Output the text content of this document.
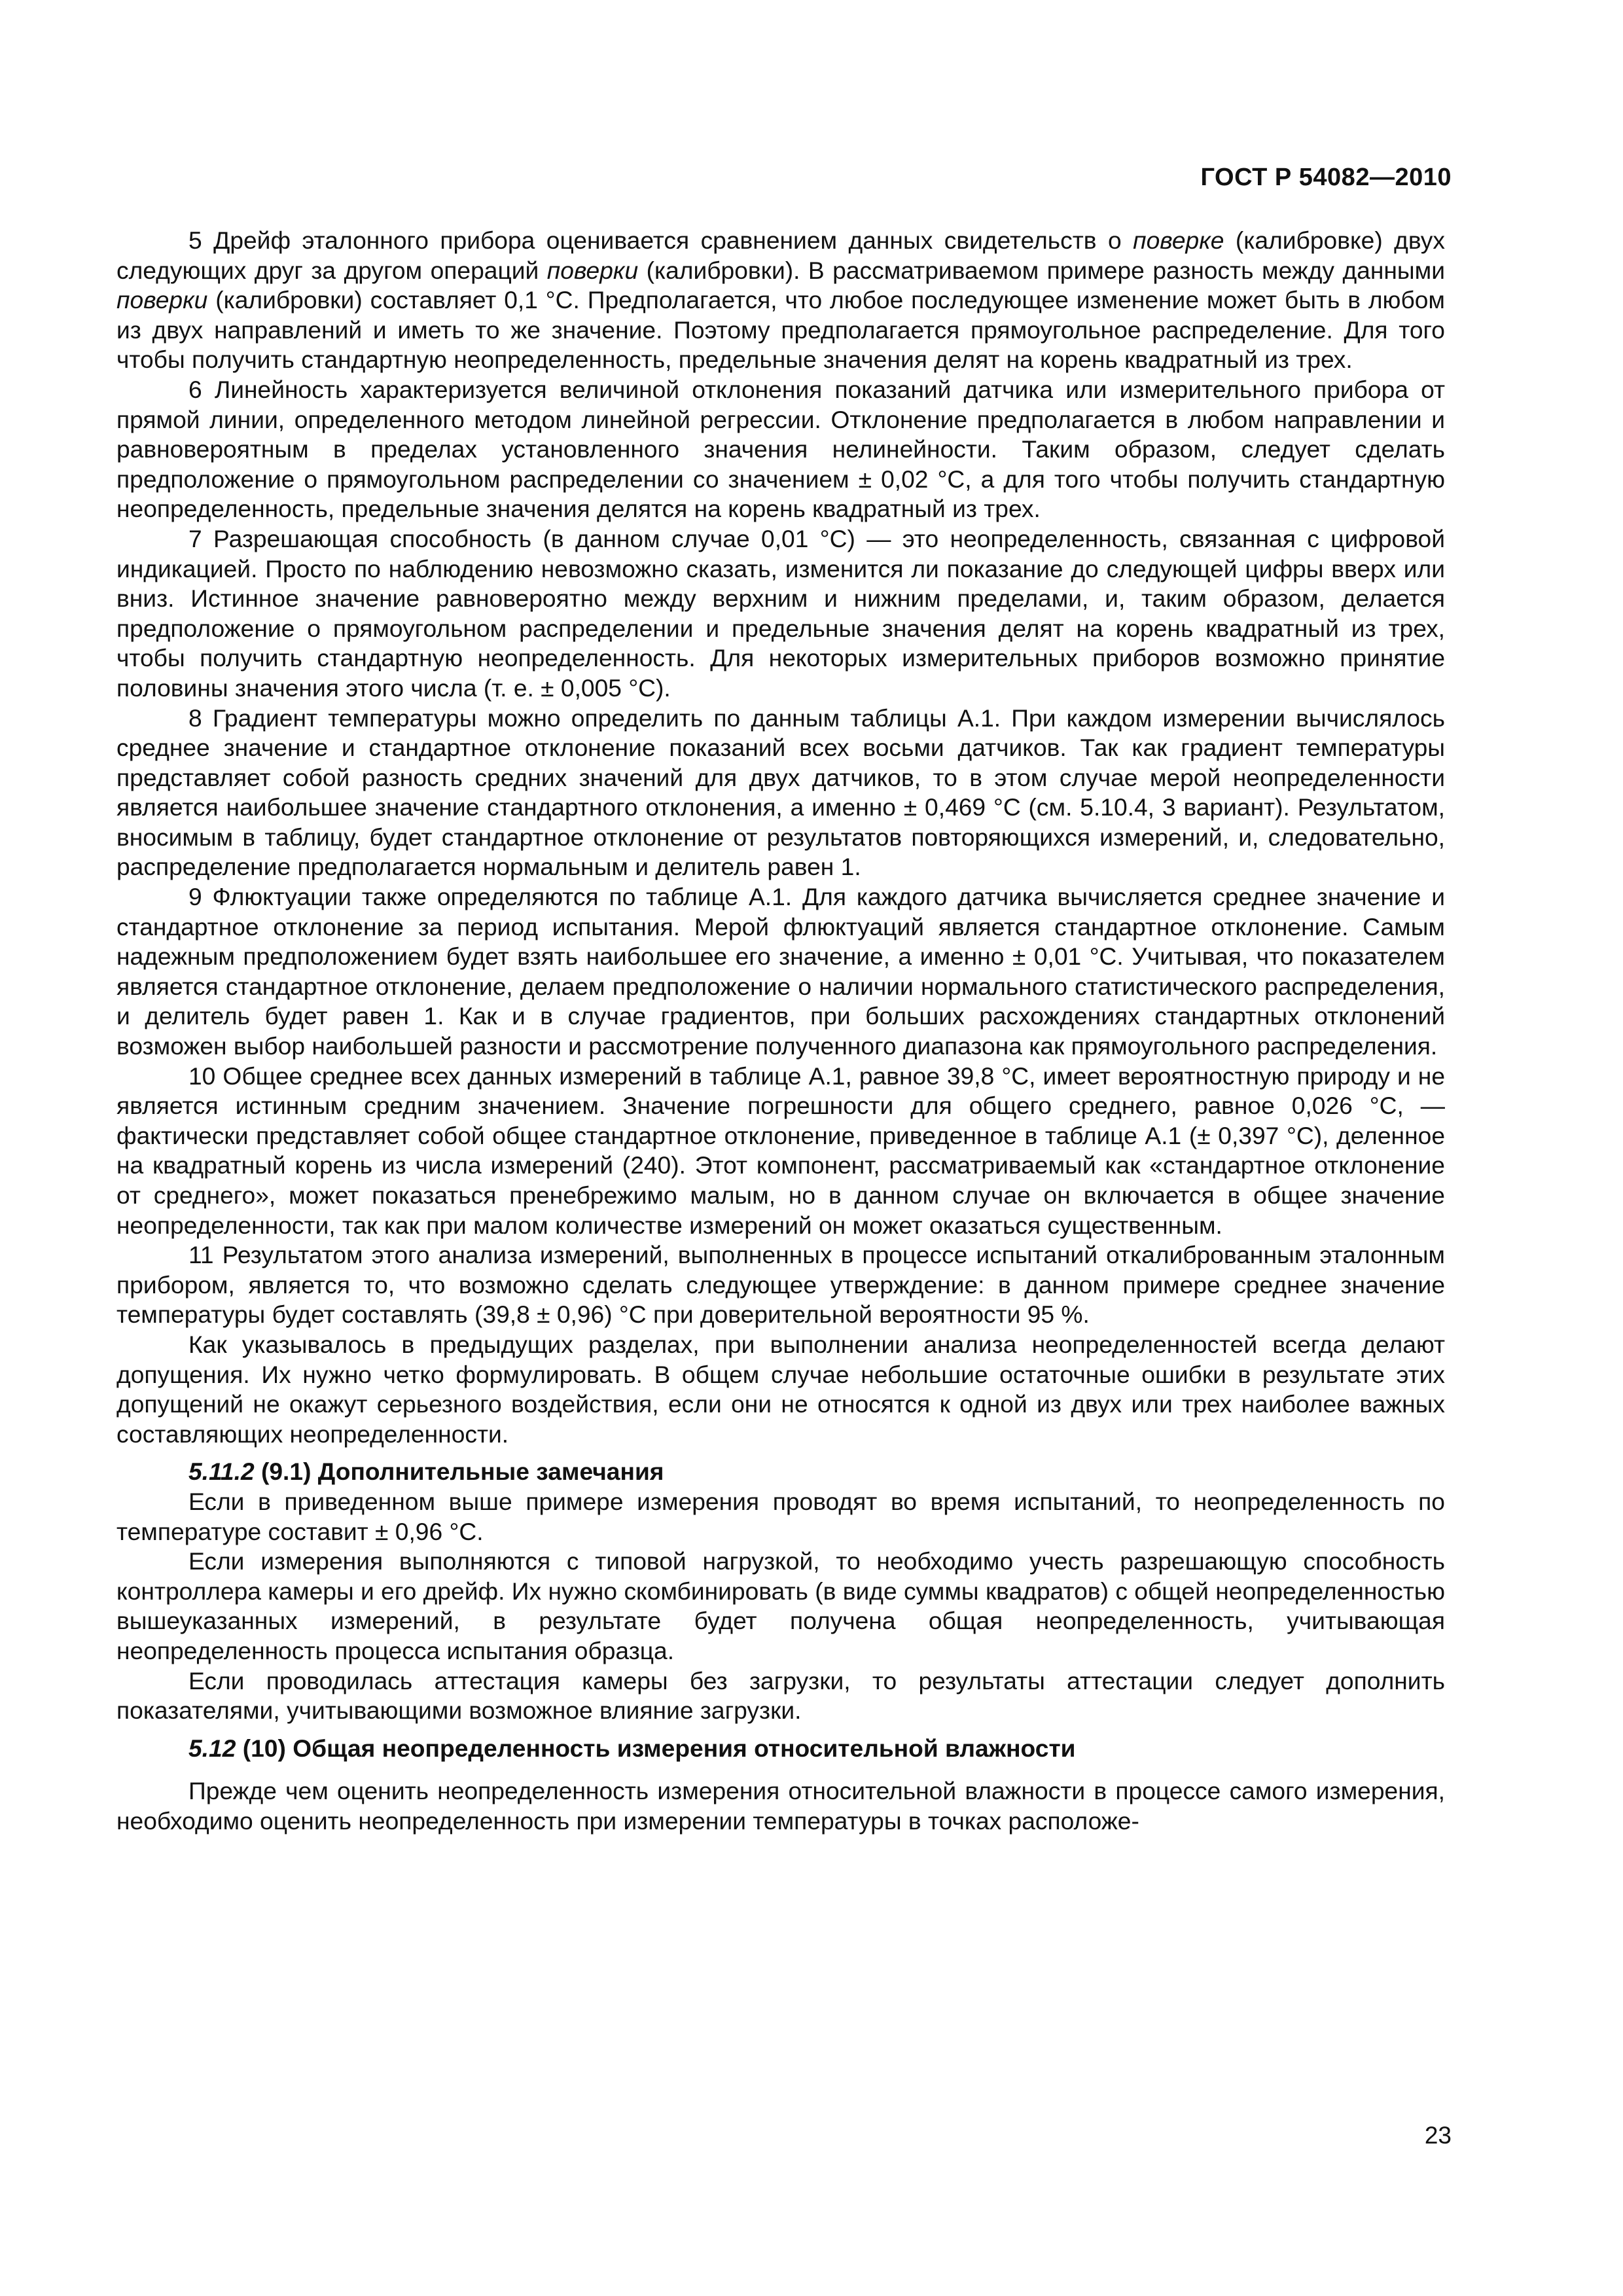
ГОСТ Р 54082—2010

5 Дрейф эталонного прибора оценивается сравнением данных свидетельств о поверке (калибровке) двух следующих друг за другом операций поверки (калибровки). В рассматриваемом примере разность между данными поверки (калибровки) составляет 0,1 °С. Предполагается, что любое последующее изменение может быть в любом из двух направлений и иметь то же значение. Поэтому предполагается прямоугольное распределение. Для того чтобы получить стандартную неопределенность, предельные значения делят на корень квадратный из трех.

6 Линейность характеризуется величиной отклонения показаний датчика или измерительного прибора от прямой линии, определенного методом линейной регрессии. Отклонение предполагается в любом направлении и равновероятным в пределах установленного значения нелинейности. Таким образом, следует сделать предположение о прямоугольном распределении со значением ± 0,02 °С, а для того чтобы получить стандартную неопределенность, предельные значения делятся на корень квадратный из трех.

7 Разрешающая способность (в данном случае 0,01 °С) — это неопределенность, связанная с цифровой индикацией. Просто по наблюдению невозможно сказать, изменится ли показание до следующей цифры вверх или вниз. Истинное значение равновероятно между верхним и нижним пределами, и, таким образом, делается предположение о прямоугольном распределении и предельные значения делят на корень квадратный из трех, чтобы получить стандартную неопределенность. Для некоторых измерительных приборов возможно принятие половины значения этого числа (т. е. ± 0,005 °С).

8 Градиент температуры можно определить по данным таблицы А.1. При каждом измерении вычислялось среднее значение и стандартное отклонение показаний всех восьми датчиков. Так как градиент температуры представляет собой разность средних значений для двух датчиков, то в этом случае мерой неопределенности является наибольшее значение стандартного отклонения, а именно ± 0,469 °С (см. 5.10.4, 3 вариант). Результатом, вносимым в таблицу, будет стандартное отклонение от результатов повторяющихся измерений, и, следовательно, распределение предполагается нормальным и делитель равен 1.

9 Флюктуации также определяются по таблице А.1. Для каждого датчика вычисляется среднее значение и стандартное отклонение за период испытания. Мерой флюктуаций является стандартное отклонение. Самым надежным предположением будет взять наибольшее его значение, а именно ± 0,01 °С. Учитывая, что показателем является стандартное отклонение, делаем предположение о наличии нормального статистического распределения, и делитель будет равен 1. Как и в случае градиентов, при больших расхождениях стандартных отклонений возможен выбор наибольшей разности и рассмотрение полученного диапазона как прямоугольного распределения.

10 Общее среднее всех данных измерений в таблице А.1, равное 39,8 °С, имеет вероятностную природу и не является истинным средним значением. Значение погрешности для общего среднего, равное 0,026 °С, — фактически представляет собой общее стандартное отклонение, приведенное в таблице А.1 (± 0,397 °С), деленное на квадратный корень из числа измерений (240). Этот компонент, рассматриваемый как «стандартное отклонение от среднего», может показаться пренебрежимо малым, но в данном случае он включается в общее значение неопределенности, так как при малом количестве измерений он может оказаться существенным.

11 Результатом этого анализа измерений, выполненных в процессе испытаний откалиброванным эталонным прибором, является то, что возможно сделать следующее утверждение: в данном примере среднее значение температуры будет составлять (39,8 ± 0,96) °С при доверительной вероятности 95 %.

Как указывалось в предыдущих разделах, при выполнении анализа неопределенностей всегда делают допущения. Их нужно четко формулировать. В общем случае небольшие остаточные ошибки в результате этих допущений не окажут серьезного воздействия, если они не относятся к одной из двух или трех наиболее важных составляющих неопределенности.

5.11.2 (9.1) Дополнительные замечания

Если в приведенном выше примере измерения проводят во время испытаний, то неопределенность по температуре составит ± 0,96 °С.

Если измерения выполняются с типовой нагрузкой, то необходимо учесть разрешающую способность контроллера камеры и его дрейф. Их нужно скомбинировать (в виде суммы квадратов) с общей неопределенностью вышеуказанных измерений, в результате будет получена общая неопределенность, учитывающая неопределенность процесса испытания образца.

Если проводилась аттестация камеры без загрузки, то результаты аттестации следует дополнить показателями, учитывающими возможное влияние загрузки.

5.12 (10) Общая неопределенность измерения относительной влажности

Прежде чем оценить неопределенность измерения относительной влажности в процессе самого измерения, необходимо оценить неопределенность при измерении температуры в точках расположе-

23
